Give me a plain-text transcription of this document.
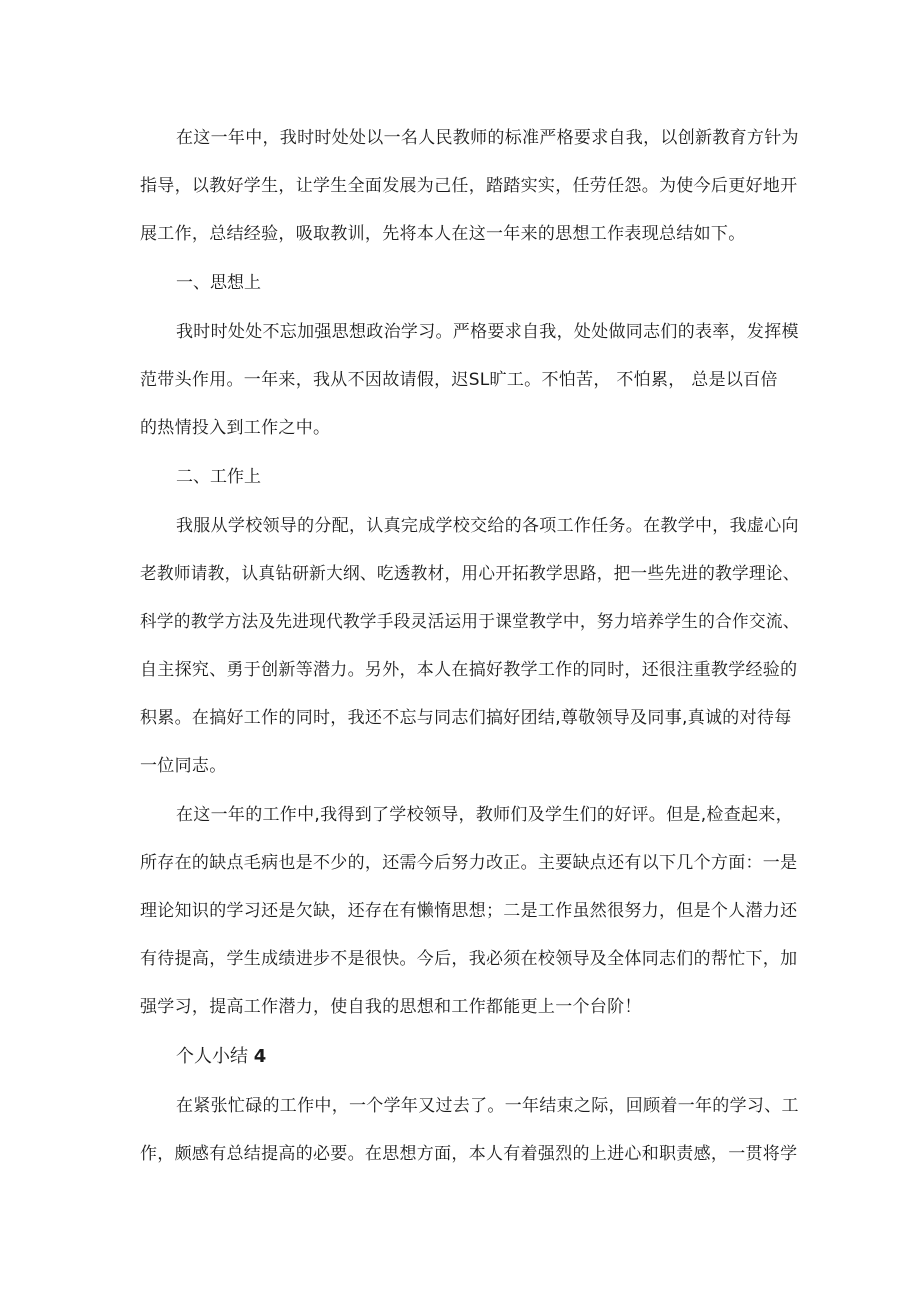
在这一年中，我时时处处以一名人民教师的标准严格要求自我，以创新教育方针为
指导，以教好学生，让学生全面发展为己任，踏踏实实，任劳任怨。为使今后更好地开
展工作，总结经验，吸取教训，先将本人在这一年来的思想工作表现总结如下。
一、思想上
我时时处处不忘加强思想政治学习。严格要求自我，处处做同志们的表率，发挥模
范带头作用。一年来，我从不因故请假，迟SL旷工。不怕苦， 不怕累， 总是以百倍
的热情投入到工作之中。
二、工作上
我服从学校领导的分配，认真完成学校交给的各项工作任务。在教学中，我虚心向
老教师请教，认真钻研新大纲、吃透教材，用心开拓教学思路，把一些先进的教学理论、
科学的教学方法及先进现代教学手段灵活运用于课堂教学中，努力培养学生的合作交流、
自主探究、勇于创新等潜力。另外，本人在搞好教学工作的同时，还很注重教学经验的
积累。在搞好工作的同时，我还不忘与同志们搞好团结,尊敬领导及同事,真诚的对待每
一位同志。
在这一年的工作中,我得到了学校领导，教师们及学生们的好评。但是,检查起来，
所存在的缺点毛病也是不少的，还需今后努力改正。主要缺点还有以下几个方面：一是
理论知识的学习还是欠缺，还存在有懒惰思想；二是工作虽然很努力，但是个人潜力还
有待提高，学生成绩进步不是很快。今后，我必须在校领导及全体同志们的帮忙下，加
强学习，提高工作潜力，使自我的思想和工作都能更上一个台阶！
个人小结 4
在紧张忙碌的工作中，一个学年又过去了。一年结束之际，回顾着一年的学习、工
作，颇感有总结提高的必要。在思想方面，本人有着强烈的上进心和职责感，一贯将学
